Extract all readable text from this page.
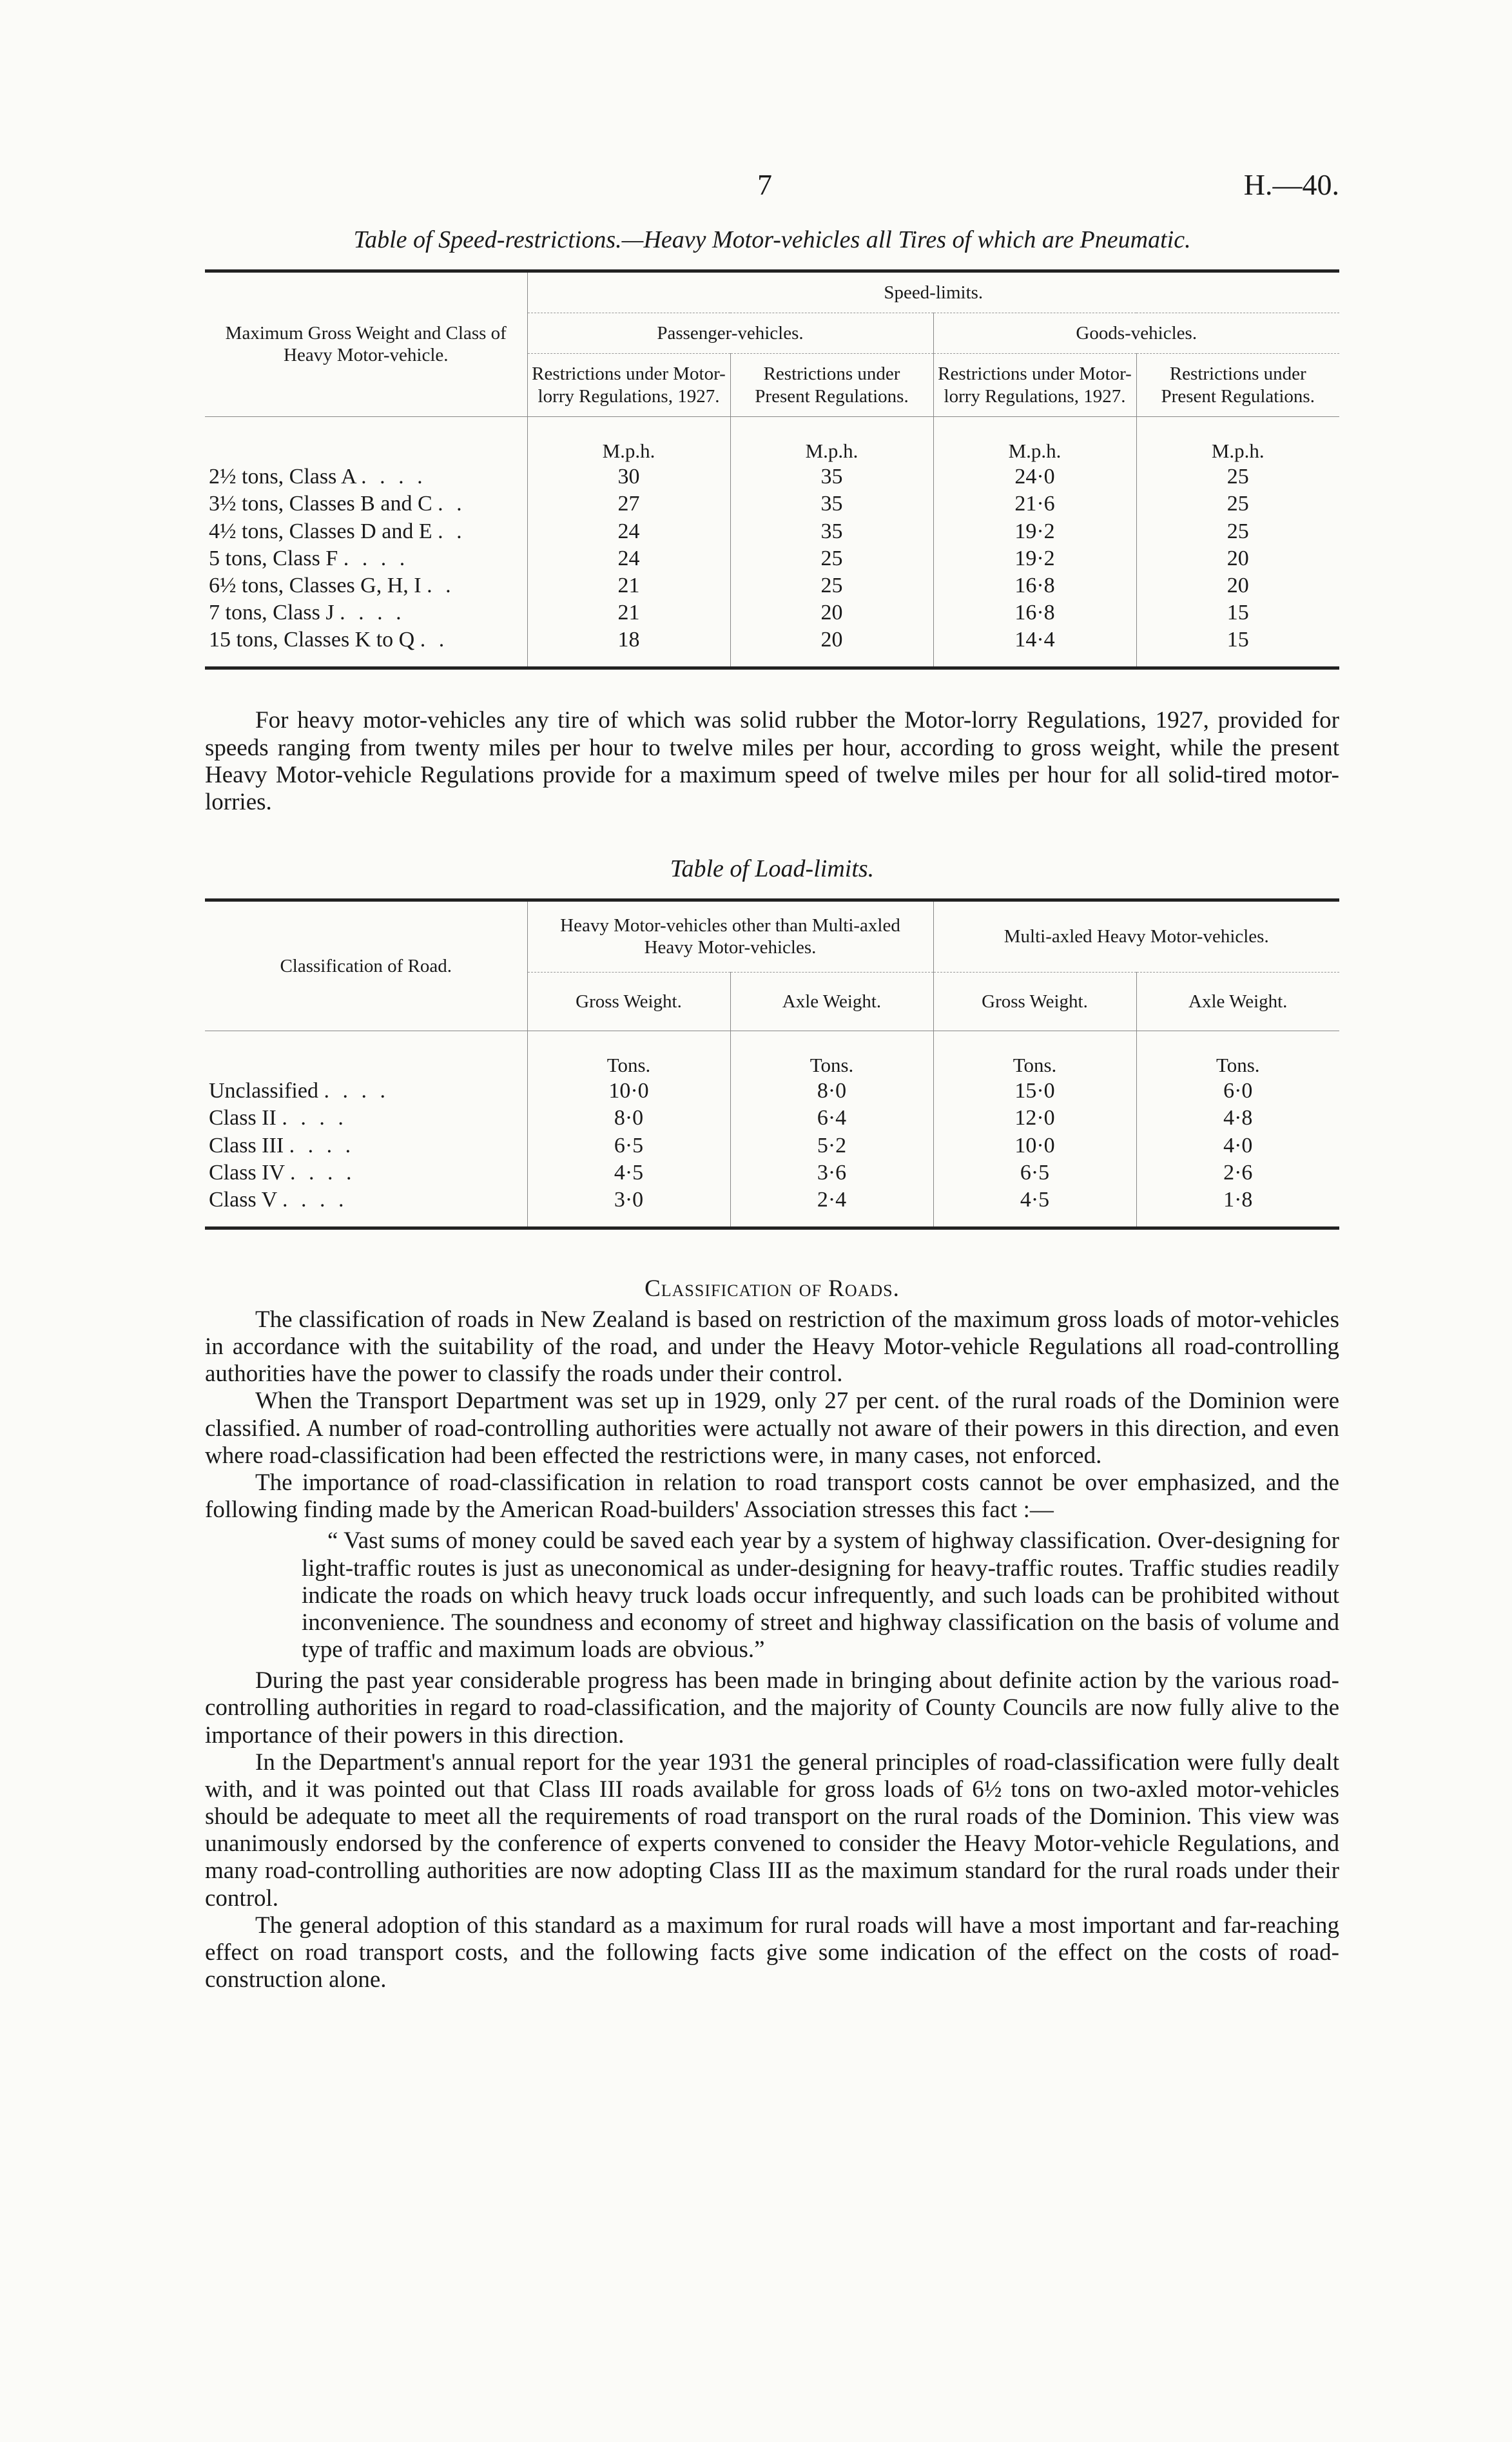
7	H.—40.
Table of Speed-restrictions.—Heavy Motor-vehicles all Tires of which are Pneumatic.
Maximum Gross Weight and Class of Heavy Motor-vehicle.	Speed-limits.			
	Passenger-vehicles.		Goods-vehicles.	
	Restrictions under Motor-lorry Regulations, 1927.	Restrictions under Present Regulations.	Restrictions under Motor-lorry Regulations, 1927.	Restrictions under Present Regulations.
	M.p.h.	M.p.h.	M.p.h.	M.p.h.
2½ tons, Class A . . . .	30	35	24·0	25
3½ tons, Classes B and C . .	27	35	21·6	25
4½ tons, Classes D and E . .	24	35	19·2	25
5 tons, Class F . . . .	24	25	19·2	20
6½ tons, Classes G, H, I . .	21	25	16·8	20
7 tons, Class J . . . .	21	20	16·8	15
15 tons, Classes K to Q . .	18	20	14·4	15

For heavy motor-vehicles any tire of which was solid rubber the Motor-lorry Regulations, 1927, provided for speeds ranging from twenty miles per hour to twelve miles per hour, according to gross weight, while the present Heavy Motor-vehicle Regulations provide for a maximum speed of twelve miles per hour for all solid-tired motor-lorries.

Table of Load-limits.
Classification of Road.	Heavy Motor-vehicles other than Multi-axled Heavy Motor-vehicles.		Multi-axled Heavy Motor-vehicles.	
	Gross Weight.	Axle Weight.	Gross Weight.	Axle Weight.
	Tons.	Tons.	Tons.	Tons.
Unclassified . . . .	10·0	8·0	15·0	6·0
Class II . . . .	8·0	6·4	12·0	4·8
Class III . . . .	6·5	5·2	10·0	4·0
Class IV . . . .	4·5	3·6	6·5	2·6
Class V . . . .	3·0	2·4	4·5	1·8

Classification of Roads.

The classification of roads in New Zealand is based on restriction of the maximum gross loads of motor-vehicles in accordance with the suitability of the road, and under the Heavy Motor-vehicle Regulations all road-controlling authorities have the power to classify the roads under their control.

When the Transport Department was set up in 1929, only 27 per cent. of the rural roads of the Dominion were classified. A number of road-controlling authorities were actually not aware of their powers in this direction, and even where road-classification had been effected the restrictions were, in many cases, not enforced.

The importance of road-classification in relation to road transport costs cannot be over emphasized, and the following finding made by the American Road-builders' Association stresses this fact :—

“ Vast sums of money could be saved each year by a system of highway classification. Over-designing for light-traffic routes is just as uneconomical as under-designing for heavy-traffic routes. Traffic studies readily indicate the roads on which heavy truck loads occur infrequently, and such loads can be prohibited without inconvenience. The soundness and economy of street and highway classification on the basis of volume and type of traffic and maximum loads are obvious.”

During the past year considerable progress has been made in bringing about definite action by the various road-controlling authorities in regard to road-classification, and the majority of County Councils are now fully alive to the importance of their powers in this direction.

In the Department's annual report for the year 1931 the general principles of road-classification were fully dealt with, and it was pointed out that Class III roads available for gross loads of 6½ tons on two-axled motor-vehicles should be adequate to meet all the requirements of road transport on the rural roads of the Dominion. This view was unanimously endorsed by the conference of experts convened to consider the Heavy Motor-vehicle Regulations, and many road-controlling authorities are now adopting Class III as the maximum standard for the rural roads under their control.

The general adoption of this standard as a maximum for rural roads will have a most important and far-reaching effect on road transport costs, and the following facts give some indication of the effect on the costs of road-construction alone.
